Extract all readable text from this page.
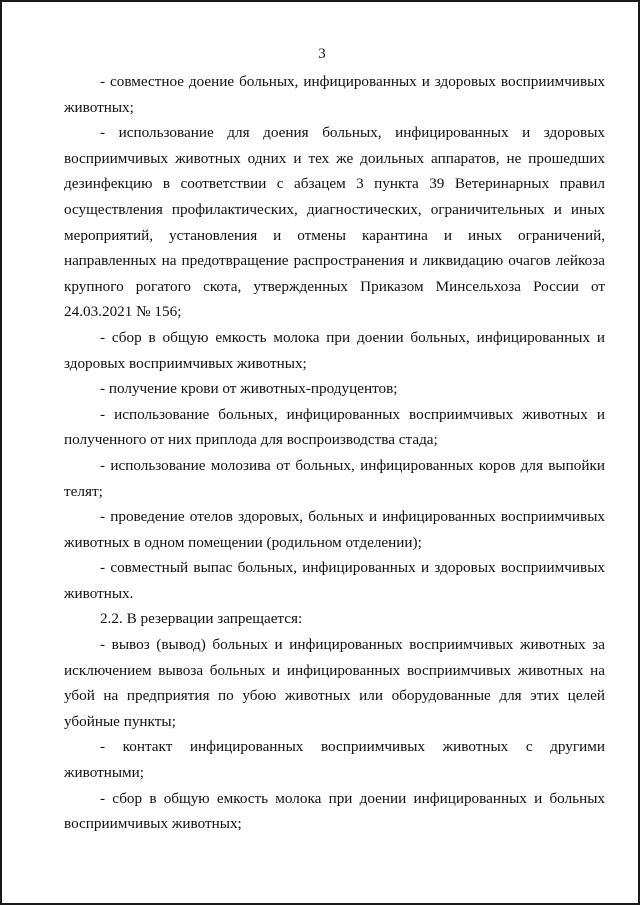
3

- совместное доение больных, инфицированных и здоровых восприимчивых животных;

- использование для доения больных, инфицированных и здоровых восприимчивых животных одних и тех же доильных аппаратов, не прошедших дезинфекцию в соответствии с абзацем 3 пункта 39 Ветеринарных правил осуществления профилактических, диагностических, ограничительных и иных мероприятий, установления и отмены карантина и иных ограничений, направленных на предотвращение распространения и ликвидацию очагов лейкоза крупного рогатого скота, утвержденных Приказом Минсельхоза России от 24.03.2021 № 156;

- сбор в общую емкость молока при доении больных, инфицированных и здоровых восприимчивых животных;

- получение крови от животных-продуцентов;

- использование больных, инфицированных восприимчивых животных и полученного от них приплода для воспроизводства стада;

- использование молозива от больных, инфицированных коров для выпойки телят;

- проведение отелов здоровых, больных и инфицированных восприимчивых животных в одном помещении (родильном отделении);

- совместный выпас больных, инфицированных и здоровых восприимчивых животных.

2.2. В резервации запрещается:

- вывоз (вывод) больных и инфицированных восприимчивых животных за исключением вывоза больных и инфицированных восприимчивых животных на убой на предприятия по убою животных или оборудованные для этих целей убойные пункты;

- контакт инфицированных восприимчивых животных с другими животными;

- сбор в общую емкость молока при доении инфицированных и больных восприимчивых животных;
